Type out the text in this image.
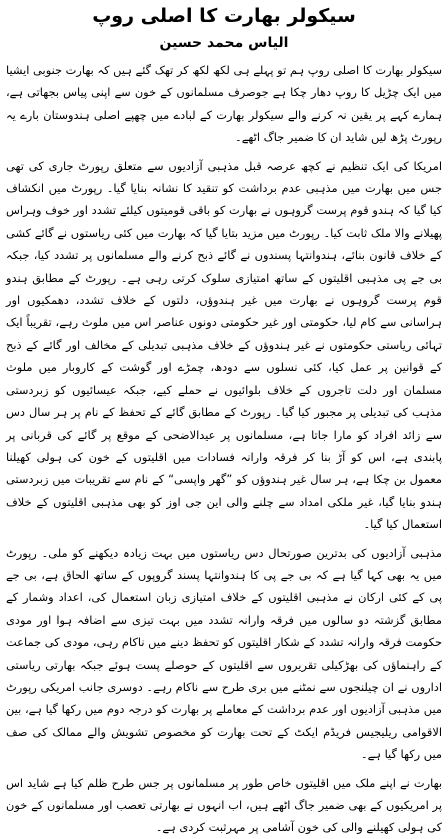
سیکولر بھارت کا اصلی روپ
الیاس محمد حسین

سیکولر بھارت کا اصلی روپ ہم تو پہلے ہی لکھ لکھ کر تھک گئے ہیں کہ بھارت جنوبی ایشیا میں ایک چڑیل کا روپ دھار چکا ہے جوصرف مسلمانوں کے خون سے اپنی پیاس بجھاتی ہے، ہمارے کہے پر یقین نہ کرنے والے سیکولر بھارت کے لبادے میں چھپے اصلی ہندوستان بارے یہ رپورٹ پڑھ لیں شاید ان کا ضمیر جاگ اٹھے۔

امریکا کی ایک تنظیم نے کچھ عرصہ قبل مذہبی آزادیوں سے متعلق رپورٹ جاری کی تھی جس میں بھارت میں مذہبی عدم برداشت کو تنقید کا نشانہ بنایا گیا۔ رپورٹ میں انکشاف کیا گیا کہ ہندو قوم پرست گروہوں نے بھارت کو باقی قومیتوں کیلئے تشدد اور خوف وہراس پھیلانے والا ملک ثابت کیا۔ رپورٹ میں مزید بتایا گیا کہ بھارت میں کئی ریاستوں نے گائے کشی کے خلاف قانون بنائے، ہندوانتہا پسندوں نے گائے ذبح کرنے والے مسلمانوں پر تشدد کیا، جبکہ بی جے پی مذہبی اقلیتوں کے ساتھ امتیازی سلوک کرتی رہی ہے۔ رپورٹ کے مطابق ہندو قوم پرست گروہوں نے بھارت میں غیر ہندوؤں، دلتوں کے خلاف تشدد، دھمکیوں اور ہراسانی سے کام لیا، حکومتی اور غیر حکومتی دونوں عناصر اس میں ملوث رہے، تقریباً ایک تہائی ریاستی حکومتوں نے غیر ہندوؤں کے خلاف مذہبی تبدیلی کے مخالف اور گائے کے ذبح کے قوانین پر عمل کیا، کئی نسلوں سے دودھ، چمڑے اور گوشت کے کاروبار میں ملوث مسلمان اور دلت تاجروں کے خلاف بلوائیوں نے حملے کیے، جبکہ عیسائیوں کو زبردستی مذہب کی تبدیلی پر مجبور کیا گیا۔ رپورٹ کے مطابق گائے کے تحفظ کے نام پر ہر سال دس سے زائد افراد کو مارا جاتا ہے، مسلمانوں پر عیدالاضحی کے موقع پر گائے کی قربانی پر پابندی ہے، اس کو آڑ بنا کر فرقہ وارانہ فسادات میں اقلیتوں کے خون کی ہولی کھیلنا معمول بن چکا ہے، ہر سال غیر ہندوؤں کو ”گھر واپسی“ کے نام سے تقریبات میں زبردستی ہندو بنایا گیا، غیر ملکی امداد سے چلنے والی این جی اوز کو بھی مذہبی اقلیتوں کے خلاف استعمال کیا گیا۔

مذہبی آزادیوں کی بدترین صورتحال دس ریاستوں میں بہت زیادہ دیکھنے کو ملی۔ رپورٹ میں یہ بھی کہا گیا ہے کہ بی جے پی کا ہندوانتہا پسند گروپوں کے ساتھ الحاق ہے، بی جے پی کے کئی ارکان نے مذہبی اقلیتوں کے خلاف امتیازی زبان استعمال کی، اعداد وشمار کے مطابق گزشتہ دو سالوں میں فرقہ وارانہ تشدد میں بہت تیزی سے اضافہ ہوا اور مودی حکومت فرقہ وارانہ تشدد کے شکار اقلیتوں کو تحفظ دینے میں ناکام رہی، مودی کی جماعت کے راہنماؤں کی بھڑکیلی تقریروں سے اقلیتوں کے حوصلے پست ہوئے جبکہ بھارتی ریاستی اداروں نے ان چیلنجوں سے نمٹنے میں بری طرح سے ناکام رہے۔ دوسری جانب امریکی رپورٹ میں مذہبی آزادیوں اور عدم برداشت کے معاملے پر بھارت کو درجہ دوم میں رکھا گیا ہے، بین الاقوامی ریلیجیس فریڈم ایکٹ کے تحت بھارت کو مخصوص تشویش والے ممالک کی صف میں رکھا گیا ہے۔

بھارت نے اپنے ملک میں اقلیتوں خاص طور پر مسلمانوں پر جس طرح ظلم کیا ہے شاید اس پر امریکیوں کے بھی ضمیر جاگ اٹھے ہیں، اب انہوں نے بھارتی تعصب اور مسلمانوں کے خون کی ہولی کھیلنے والی کی خون آشامی پر مہرثبت کردی ہے۔
